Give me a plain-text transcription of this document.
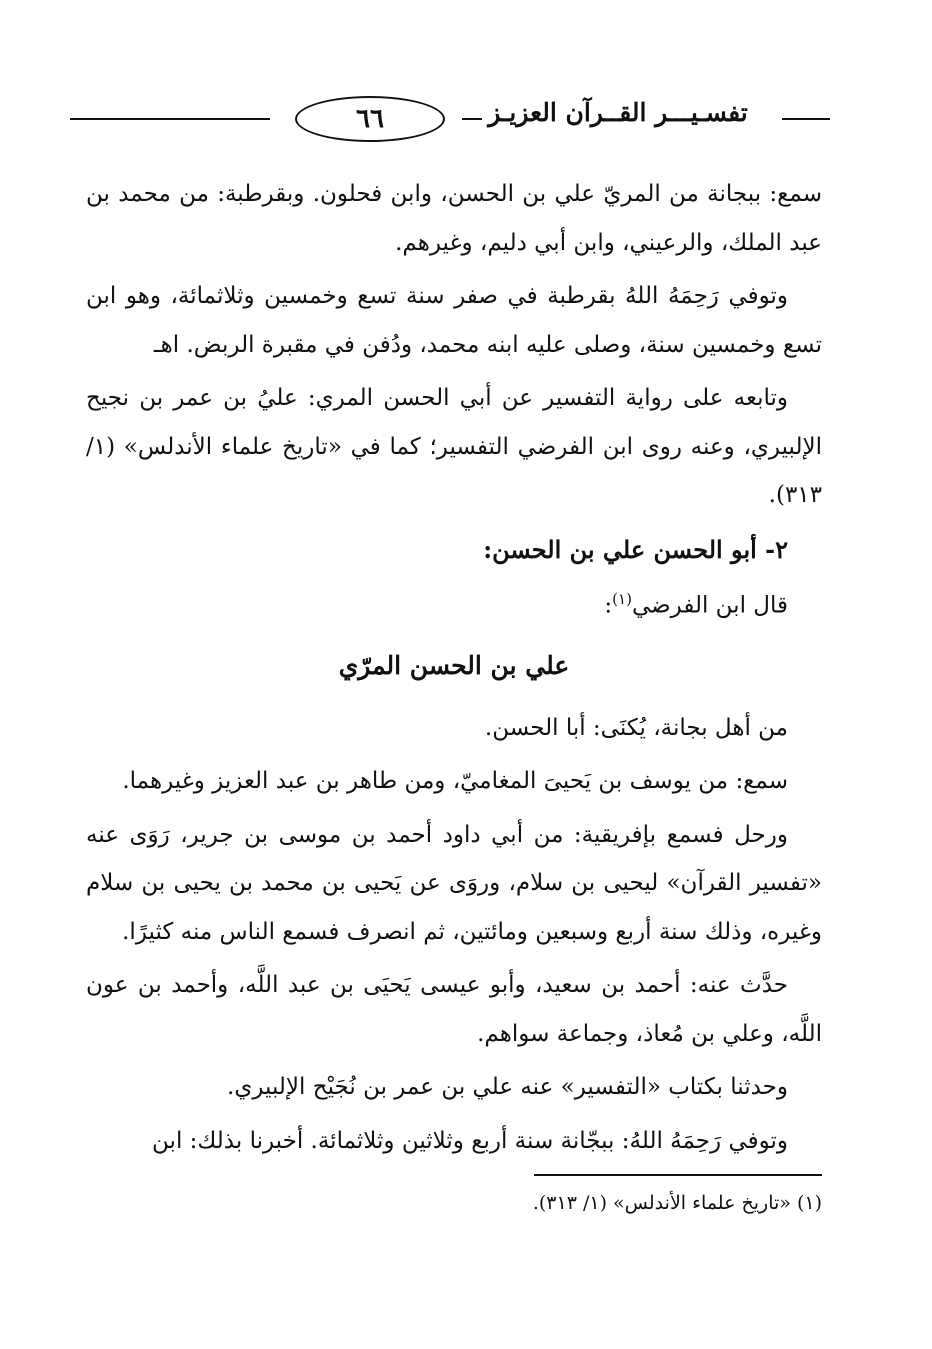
٦٦	تفسـيـــر القــرآن العزيـز

سمع: ببجانة من المريّ علي بن الحسن، وابن فحلون. وبقرطبة: من محمد بن عبد الملك، والرعيني، وابن أبي دليم، وغيرهم.

وتوفي رَحِمَهُ اللهُ بقرطبة في صفر سنة تسع وخمسين وثلاثمائة، وهو ابن تسع وخمسين سنة، وصلى عليه ابنه محمد، ودُفن في مقبرة الربض. اهـ

وتابعه على رواية التفسير عن أبي الحسن المري: عليُ بن عمر بن نجيح الإلبيري، وعنه روى ابن الفرضي التفسير؛ كما في «تاريخ علماء الأندلس» (١/ ٣١٣).

٢- أبو الحسن علي بن الحسن:

قال ابن الفرضي$^{(١)}$:

علي بن الحسن المرّي

من أهل بجانة، يُكنَى: أبا الحسن.

سمع: من يوسف بن يَحيىَ المغاميّ، ومن طاهر بن عبد العزيز وغيرهما.

ورحل فسمع بإفريقية: من أبي داود أحمد بن موسى بن جرير، رَوَى عنه «تفسير القرآن» ليحيى بن سلام، وروَى عن يَحيى بن محمد بن يحيى بن سلام وغيره، وذلك سنة أربع وسبعين ومائتين، ثم انصرف فسمع الناس منه كثيرًا.

حدَّث عنه: أحمد بن سعيد، وأبو عيسى يَحيَى بن عبد اللَّه، وأحمد بن عون اللَّه، وعلي بن مُعاذ، وجماعة سواهم.

وحدثنا بكتاب «التفسير» عنه علي بن عمر بن نُجَيْح الإلبيري.

وتوفي رَحِمَهُ اللهُ: ببجّانة سنة أربع وثلاثين وثلاثمائة. أخبرنا بذلك: ابن

(١) «تاريخ علماء الأندلس» (١/ ٣١٣).
